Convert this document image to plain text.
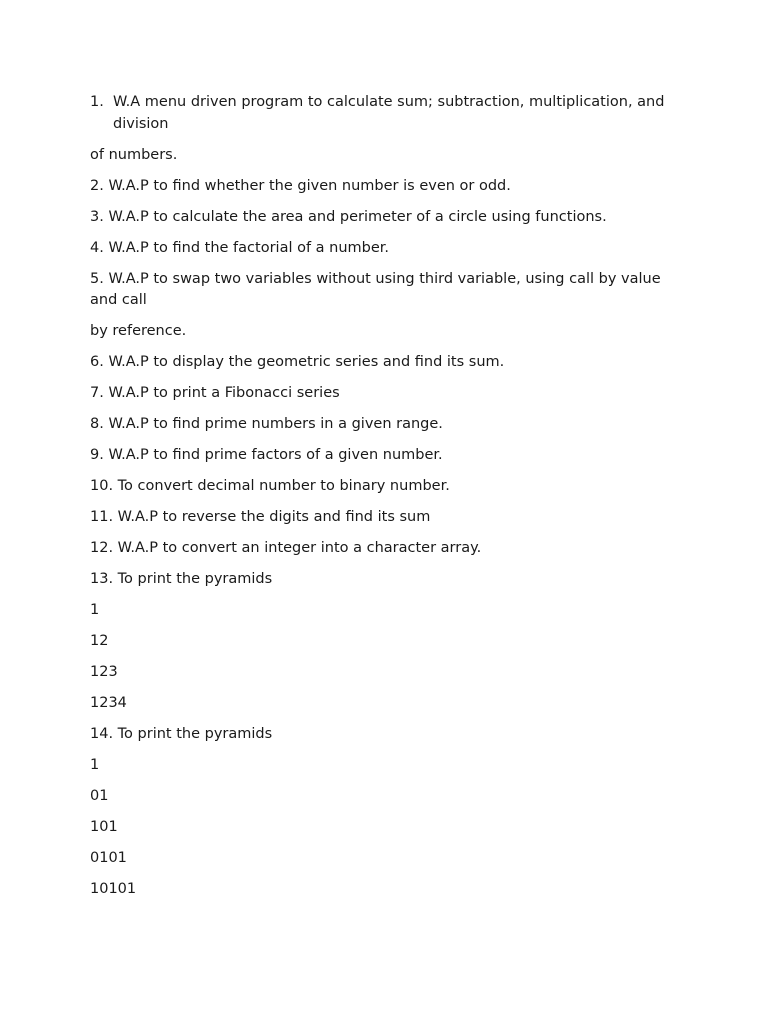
1. W.A menu driven program to calculate sum; subtraction, multiplication, and division

of numbers.

2. W.A.P to find whether the given number is even or odd.

3. W.A.P to calculate the area and perimeter of a circle using functions.

4. W.A.P to find the factorial of a number.

5. W.A.P to swap two variables without using third variable, using call by value and call

by reference.

6. W.A.P to display the geometric series and find its sum.

7. W.A.P to print a Fibonacci series

8. W.A.P to find prime numbers in a given range.

9. W.A.P to find prime factors of a given number.

10. To convert decimal number to binary number.

11. W.A.P to reverse the digits and find its sum

12. W.A.P to convert an integer into a character array.

13. To print the pyramids

1

12

123

1234

14. To print the pyramids

1

01

101

0101

10101
